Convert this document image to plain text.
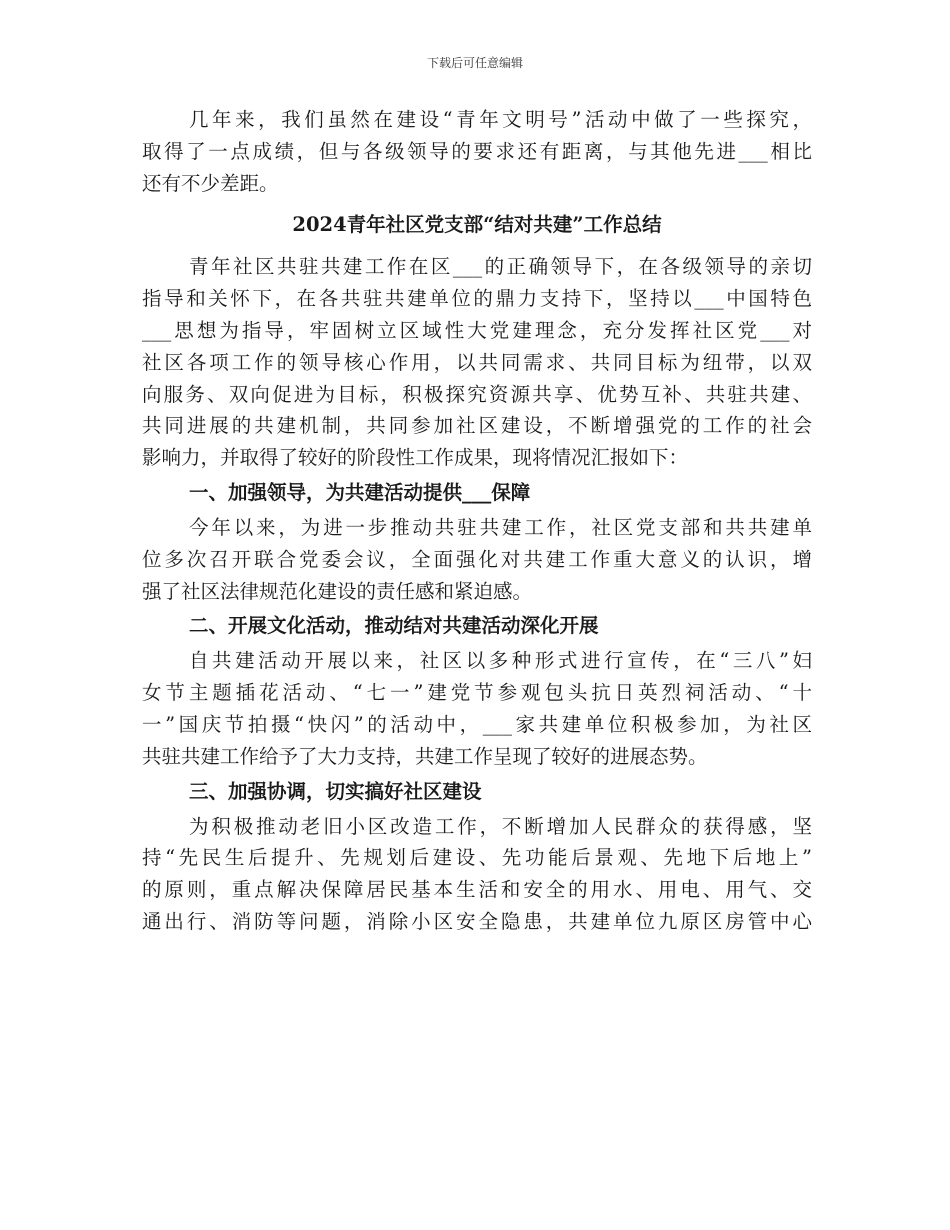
下载后可任意编辑
几年来，我们虽然在建设“青年文明号”活动中做了一些探究，
取得了一点成绩，但与各级领导的要求还有距离，与其他先进___相比
还有不少差距。
2024青年社区党支部“结对共建”工作总结
青年社区共驻共建工作在区___的正确领导下，在各级领导的亲切
指导和关怀下，在各共驻共建单位的鼎力支持下，坚持以___中国特色
___思想为指导，牢固树立区域性大党建理念，充分发挥社区党___对
社区各项工作的领导核心作用，以共同需求、共同目标为纽带，以双
向服务、双向促进为目标，积极探究资源共享、优势互补、共驻共建、
共同进展的共建机制，共同参加社区建设，不断增强党的工作的社会
影响力，并取得了较好的阶段性工作成果，现将情况汇报如下：
一、加强领导，为共建活动提供___保障
今年以来，为进一步推动共驻共建工作，社区党支部和共共建单
位多次召开联合党委会议，全面强化对共建工作重大意义的认识，增
强了社区法律规范化建设的责任感和紧迫感。
二、开展文化活动，推动结对共建活动深化开展
自共建活动开展以来，社区以多种形式进行宣传，在“三八”妇
女节主题插花活动、“七一”建党节参观包头抗日英烈祠活动、“十
一”国庆节拍摄“快闪”的活动中，___家共建单位积极参加，为社区
共驻共建工作给予了大力支持，共建工作呈现了较好的进展态势。
三、加强协调，切实搞好社区建设
为积极推动老旧小区改造工作，不断增加人民群众的获得感，坚
持“先民生后提升、先规划后建设、先功能后景观、先地下后地上”
的原则，重点解决保障居民基本生活和安全的用水、用电、用气、交
通出行、消防等问题，消除小区安全隐患，共建单位九原区房管中心
